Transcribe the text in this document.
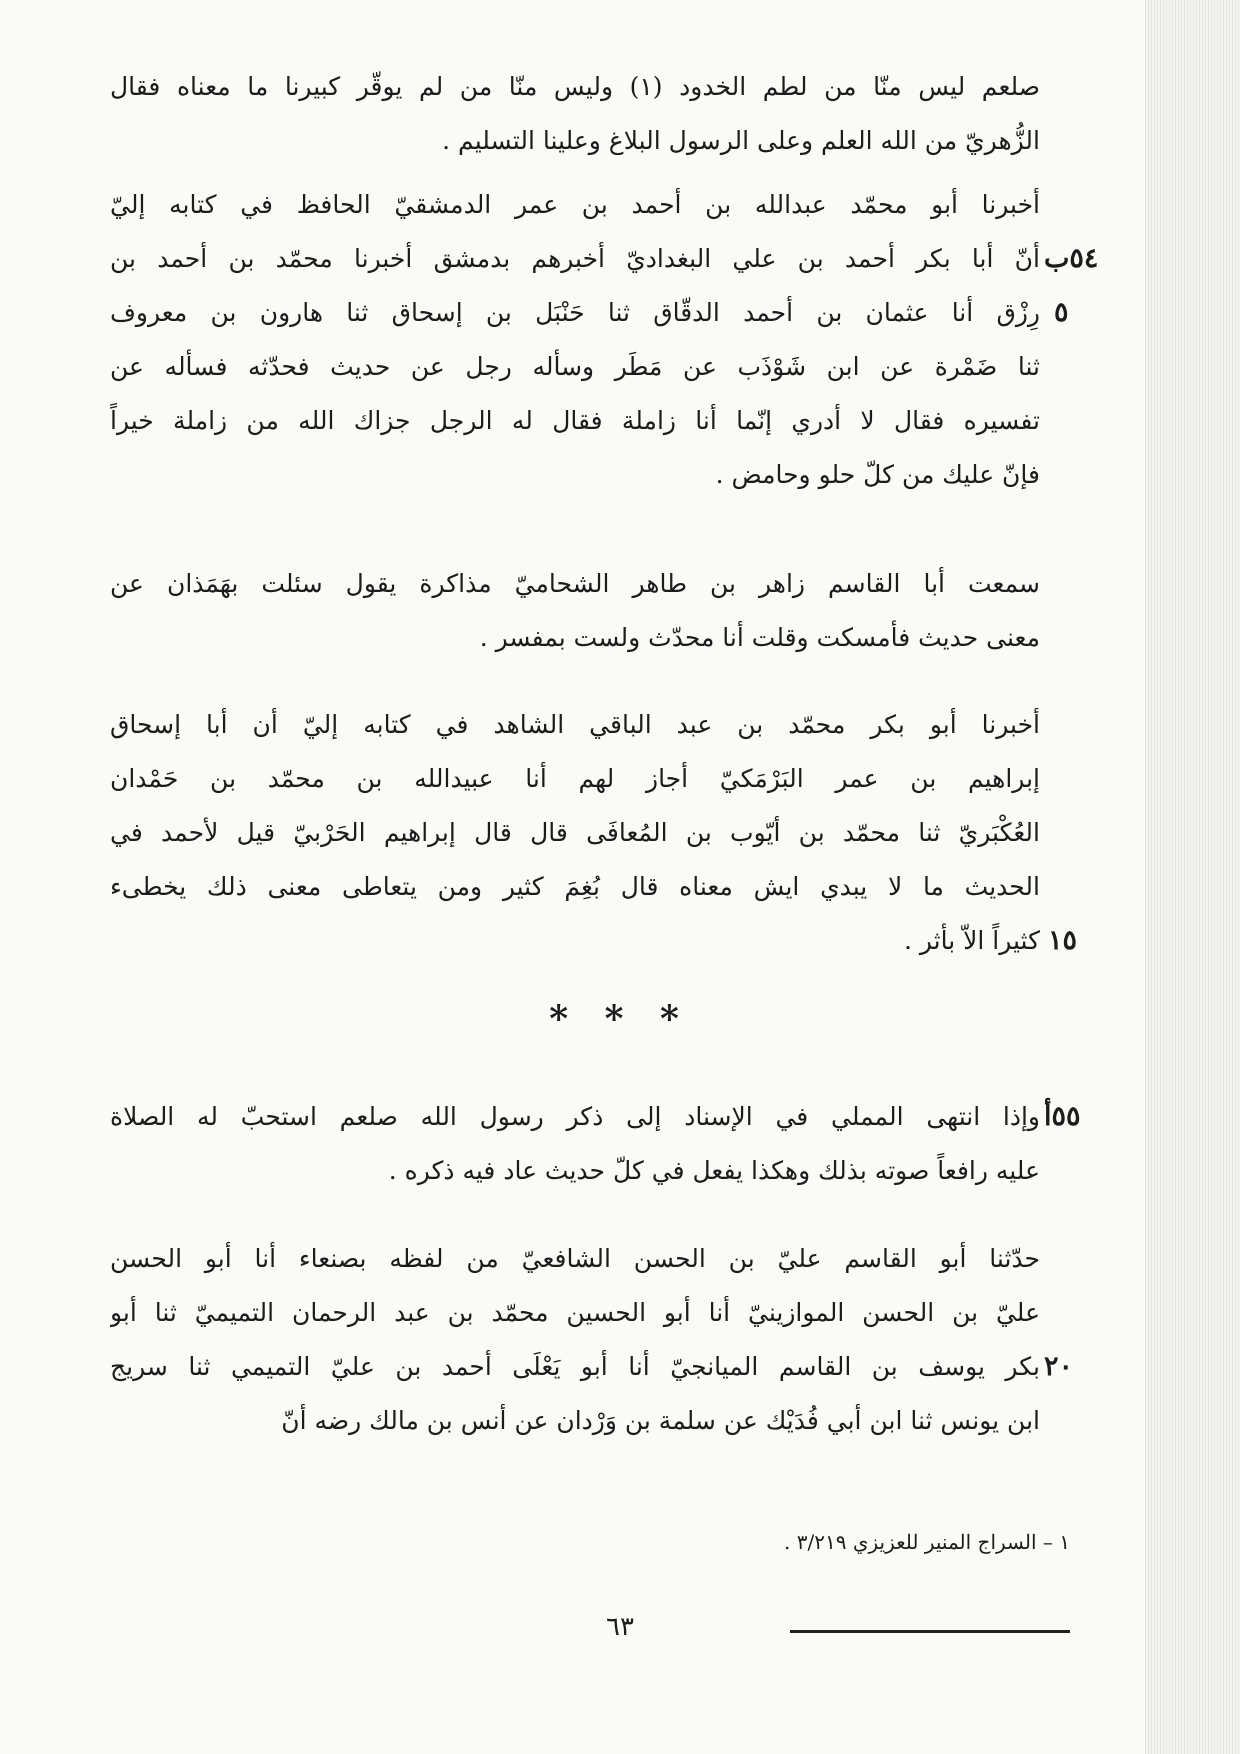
صلعم ليس منّا من لطم الخدود (١) وليس منّا من لم يوقّر كبيرنا ما معناه فقال
الزُّهريّ من الله العلم وعلى الرسول البلاغ وعلينا التسليم .
أخبرنا أبو محمّد عبدالله بن أحمد بن عمر الدمشقيّ الحافظ في كتابه إليّ
أنّ أبا بكر أحمد بن علي البغداديّ أخبرهم بدمشق أخبرنا محمّد بن أحمد بن
رِزْق أنا عثمان بن أحمد الدقّاق ثنا حَنْبَل بن إسحاق ثنا هارون بن معروف
ثنا ضَمْرة عن ابن شَوْذَب عن مَطَر وسأله رجل عن حديث فحدّثه فسأله عن
تفسيره فقال لا أدري إنّما أنا زاملة فقال له الرجل جزاك الله من زاملة خيراً
فإنّ عليك من كلّ حلو وحامض .
سمعت أبا القاسم زاهر بن طاهر الشحاميّ مذاكرة يقول سئلت بهَمَذان عن
معنى حديث فأمسكت وقلت أنا محدّث ولست بمفسر .
أخبرنا أبو بكر محمّد بن عبد الباقي الشاهد في كتابه إليّ أن أبا إسحاق
إبراهيم بن عمر البَرْمَكيّ أجاز لهم أنا عبيدالله بن محمّد بن حَمْدان
العُكْبَريّ ثنا محمّد بن أيّوب بن المُعافَى قال قال إبراهيم الحَرْبيّ قيل لأحمد في
الحديث ما لا يبدي ايش معناه قال بُغِمَ كثير ومن يتعاطى معنى ذلك يخطىء
كثيراً الاّ بأثر .
* * *
وإذا انتهى المملي في الإسناد إلى ذكر رسول الله صلعم استحبّ له الصلاة
عليه رافعاً صوته بذلك وهكذا يفعل في كلّ حديث عاد فيه ذكره .
حدّثنا أبو القاسم عليّ بن الحسن الشافعيّ من لفظه بصنعاء أنا أبو الحسن
عليّ بن الحسن الموازينيّ أنا أبو الحسين محمّد بن عبد الرحمان التميميّ ثنا أبو
بكر يوسف بن القاسم الميانجيّ أنا أبو يَعْلَى أحمد بن عليّ التميمي ثنا سريج
ابن يونس ثنا ابن أبي فُدَيْك عن سلمة بن وَرْدان عن أنس بن مالك رضه أنّ
٥٤ب
٥
١٥
٥٥أ
٢٠
١ – السراج المنير للعزيزي ٣/٢١٩ .
٦٣
